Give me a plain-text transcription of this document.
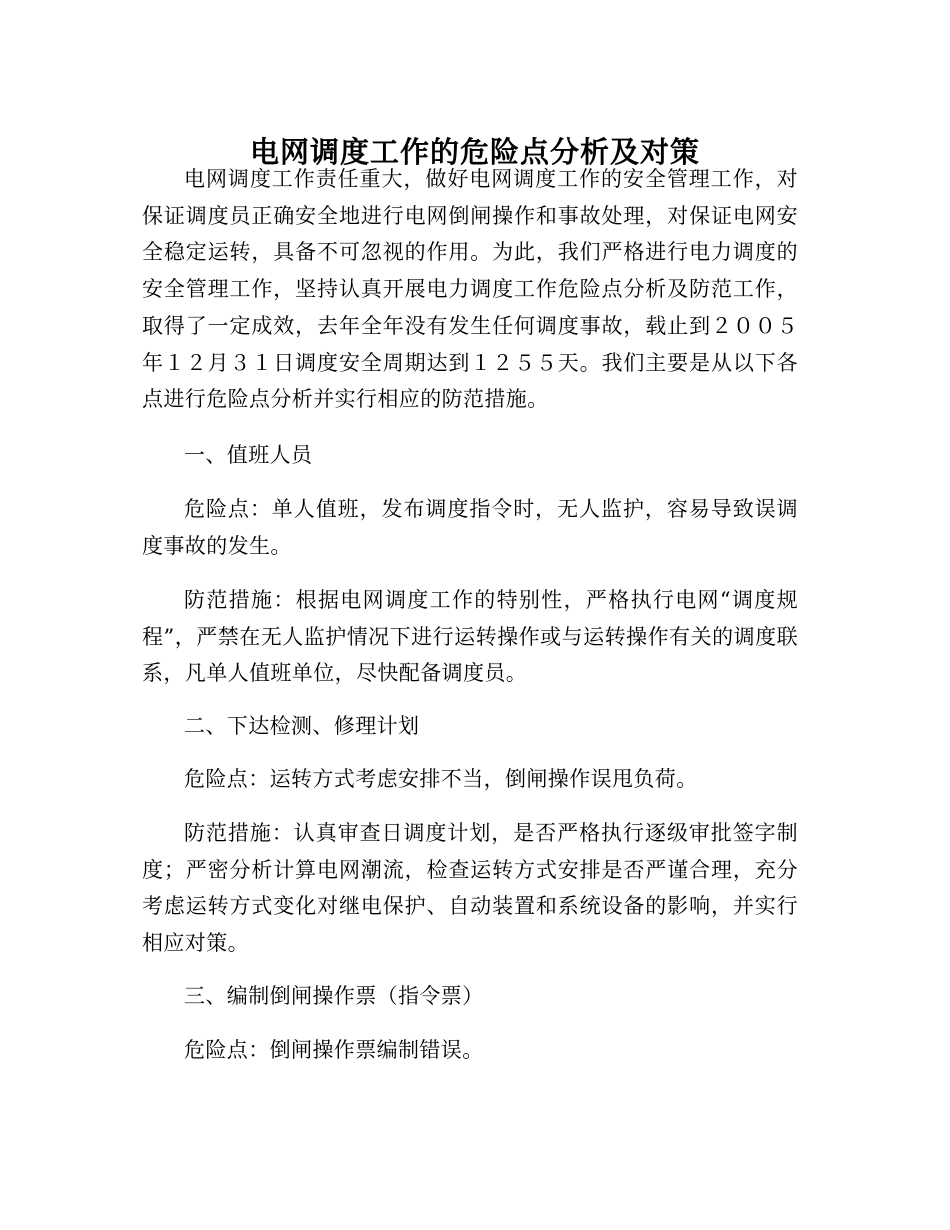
电网调度工作的危险点分析及对策

电网调度工作责任重大，做好电网调度工作的安全管理工作，对保证调度员正确安全地进行电网倒闸操作和事故处理，对保证电网安全稳定运转，具备不可忽视的作用。为此，我们严格进行电力调度的安全管理工作，坚持认真开展电力调度工作危险点分析及防范工作，取得了一定成效，去年全年没有发生任何调度事故，载止到２００５年１２月３１日调度安全周期达到１２５５天。我们主要是从以下各点进行危险点分析并实行相应的防范措施。

一、值班人员

危险点：单人值班，发布调度指令时，无人监护，容易导致误调度事故的发生。

防范措施：根据电网调度工作的特别性，严格执行电网“调度规程”，严禁在无人监护情况下进行运转操作或与运转操作有关的调度联系，凡单人值班单位，尽快配备调度员。

二、下达检测、修理计划

危险点：运转方式考虑安排不当，倒闸操作误甩负荷。

防范措施：认真审查日调度计划，是否严格执行逐级审批签字制度；严密分析计算电网潮流，检查运转方式安排是否严谨合理，充分考虑运转方式变化对继电保护、自动装置和系统设备的影响，并实行相应对策。

三、编制倒闸操作票（指令票）

危险点：倒闸操作票编制错误。
